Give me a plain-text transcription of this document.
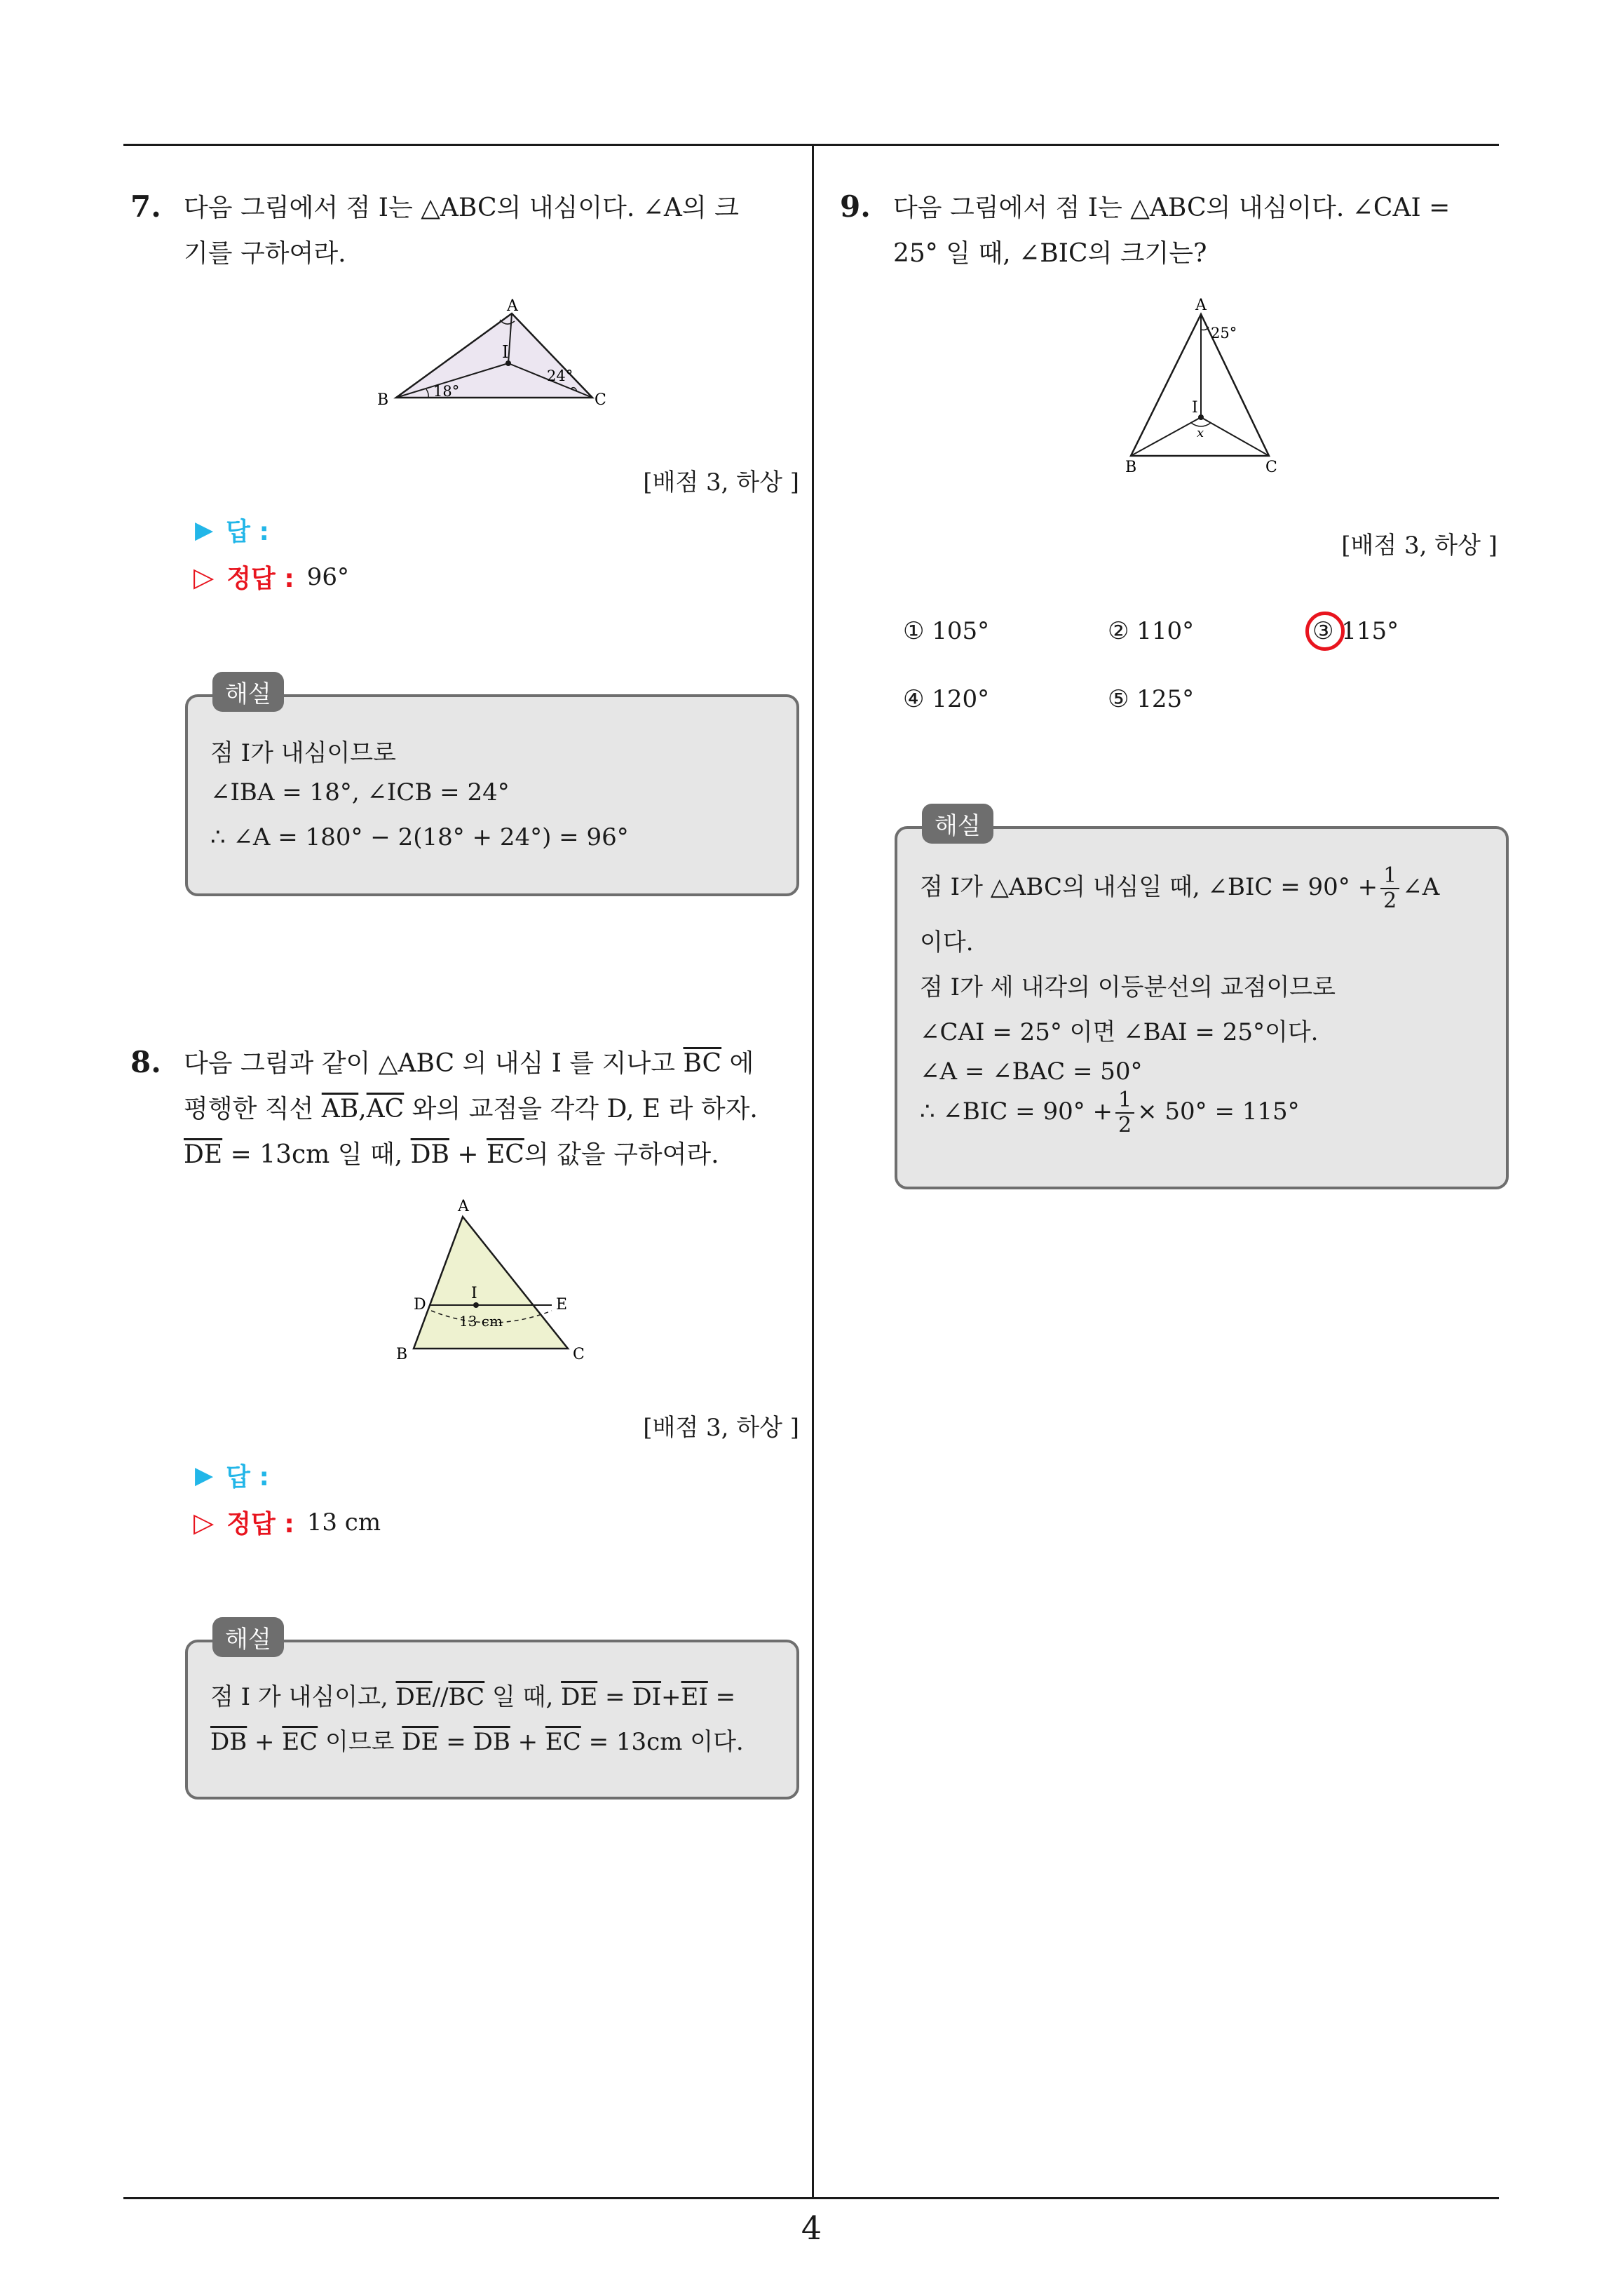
4
7. 다음 그림에서 점 I는 △ABC의 내심이다. ∠A의 크
기를 구하여라.
A
B	C
I
18°
24°
[배점 3, 하상 ]
▶ 답 :
▷ 정답 : 96°
점 I가 내심이므로
∠IBA = 18°, ∠ICB = 24°
∴ ∠A = 180° − 2(18° + 24°) = 96°
해설
8. 다음 그림과 같이 △ABC 의 내심 I 를 지나고 $\overline{BC}$ 에
평행한 직선 $\overline{AB},\overline{AC}$ 와의 교점을 각각 D, E 라 하자.
$\overline{DE} = 13cm$ 일 때, $\overline{DB} + \overline{EC}$의 값을 구하여라.
A
B	C
D	E
I
13 cm
[배점 3, 하상 ]
▶ 답 :
▷ 정답 : 13 cm
점 I 가 내심이고, $\overline{DE}//\overline{BC}$ 일 때, $\overline{DE} = \overline{DI}+\overline{EI}$ =
$\overline{DB} + \overline{EC}$ 이므로 $\overline{DE} = \overline{DB} + \overline{EC} = 13cm$ 이다.
해설
9. 다음 그림에서 점 I는 △ABC의 내심이다. ∠CAI =
25° 일 때, ∠BIC의 크기는?
A
B	C
I
25°
x
[배점 3, 하상 ]
① 105°	② 110°	③ 115°
④ 120°	⑤ 125°
점 I가 △ABC의 내심일 때, ∠BIC = $90^\circ + \frac{1}{2}$ ∠A
이다.
점 I가 세 내각의 이등분선의 교점이므로
∠CAI = 25° 이면 ∠BAI = 25°이다.
∠A = ∠BAC = 50°
∴ ∠BIC = $90^\circ + \frac{1}{2} \times 50^\circ = 115^\circ$
해설
